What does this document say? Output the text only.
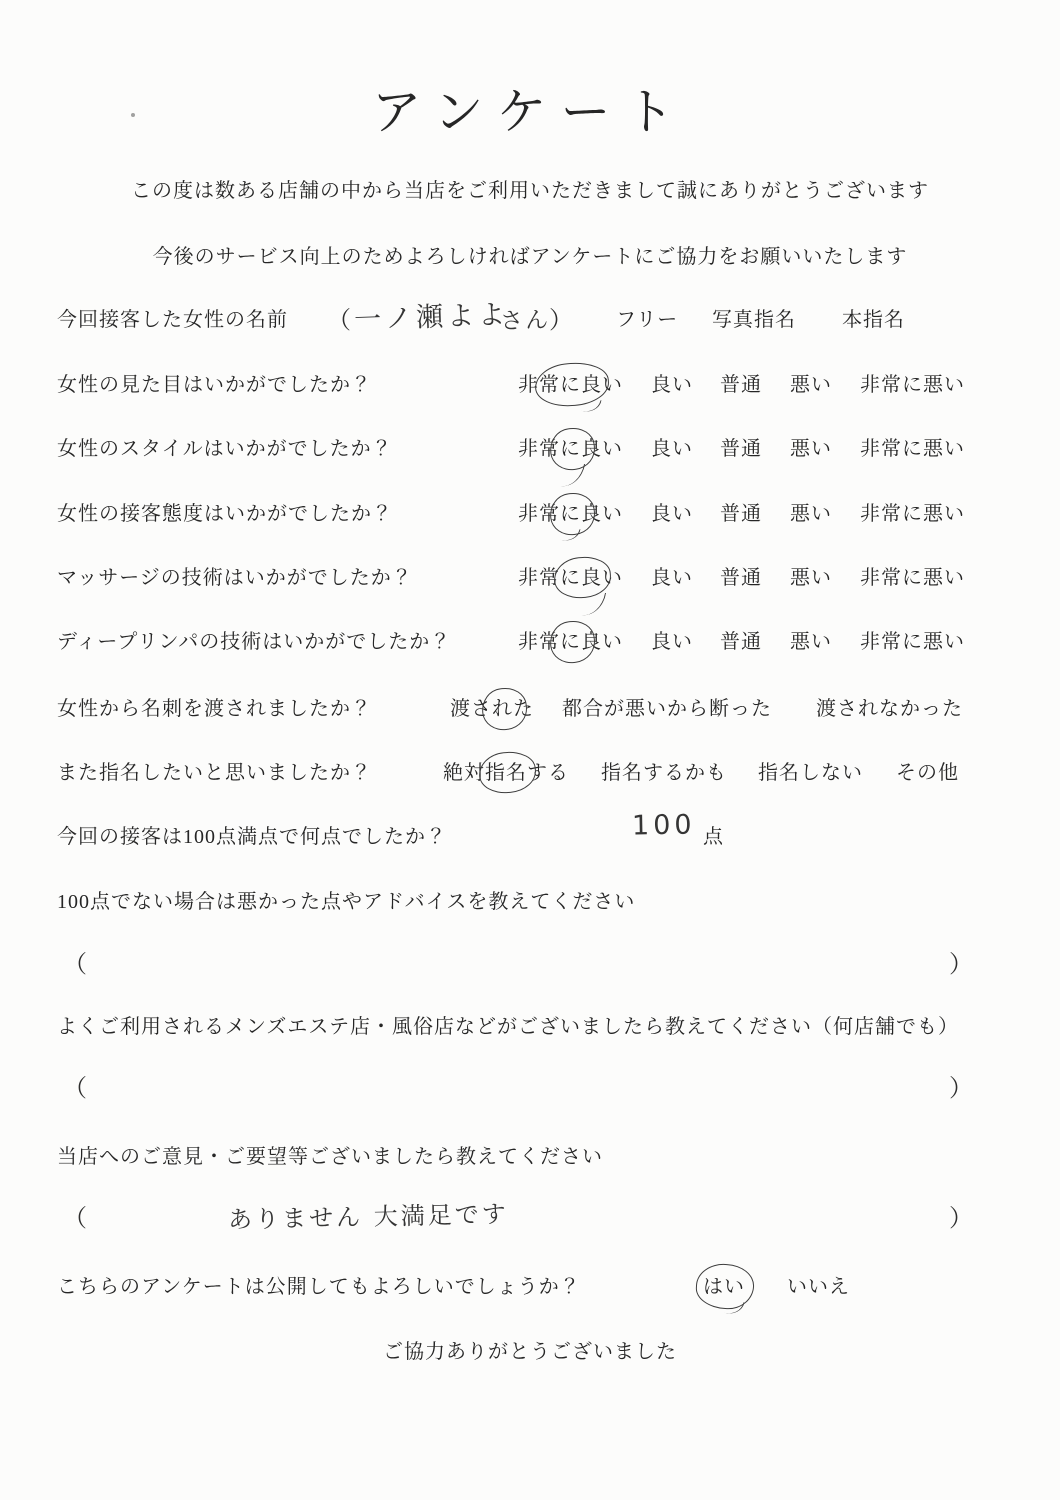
アンケート
この度は数ある店舗の中から当店をご利用いただきまして誠にありがとうございます
今後のサービス向上のためよろしければアンケートにご協力をお願いいたします
今回接客した女性の名前 （ 一ノ瀬よよ
さん
） フリー 写真指名 本指名
女性の見た目はいかがでしたか？	非常に良い 良い 普通 悪い 非常に悪い
女性のスタイルはいかがでしたか？	非常に良い 良い 普通 悪い 非常に悪い
女性の接客態度はいかがでしたか？	非常に良い 良い 普通 悪い 非常に悪い
マッサージの技術はいかがでしたか？	非常に良い 良い 普通 悪い 非常に悪い
ディープリンパの技術はいかがでしたか？	非常に良い 良い 普通 悪い 非常に悪い
女性から名刺を渡されましたか？	渡された 都合が悪いから断った 渡されなかった
また指名したいと思いましたか？	絶対指名する 指名するかも 指名しない その他
今回の接客は100点満点で何点でしたか？	100 点
100点でない場合は悪かった点やアドバイスを教えてください
（	）
よくご利用されるメンズエステ店・風俗店などがございましたら教えてください（何店舗でも）
（	）
当店へのご意見・ご要望等ございましたら教えてください
（	ありません 大満足です	）
こちらのアンケートは公開してもよろしいでしょうか？	はい いいえ
ご協力ありがとうございました
